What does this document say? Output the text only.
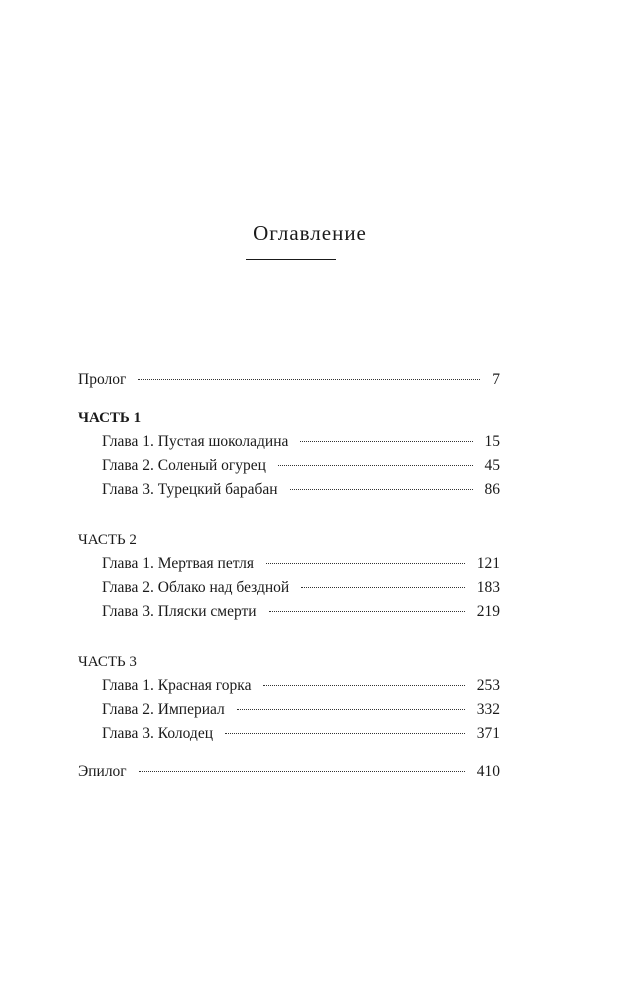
Оглавление
Пролог	7
ЧАСТЬ 1
Глава 1. Пустая шоколадина	15
Глава 2. Соленый огурец	45
Глава 3. Турецкий барабан	86
ЧАСТЬ 2
Глава 1. Мертвая петля	121
Глава 2. Облако над бездной	183
Глава 3. Пляски смерти	219
ЧАСТЬ 3
Глава 1. Красная горка	253
Глава 2. Империал	332
Глава 3. Колодец	371
Эпилог	410
